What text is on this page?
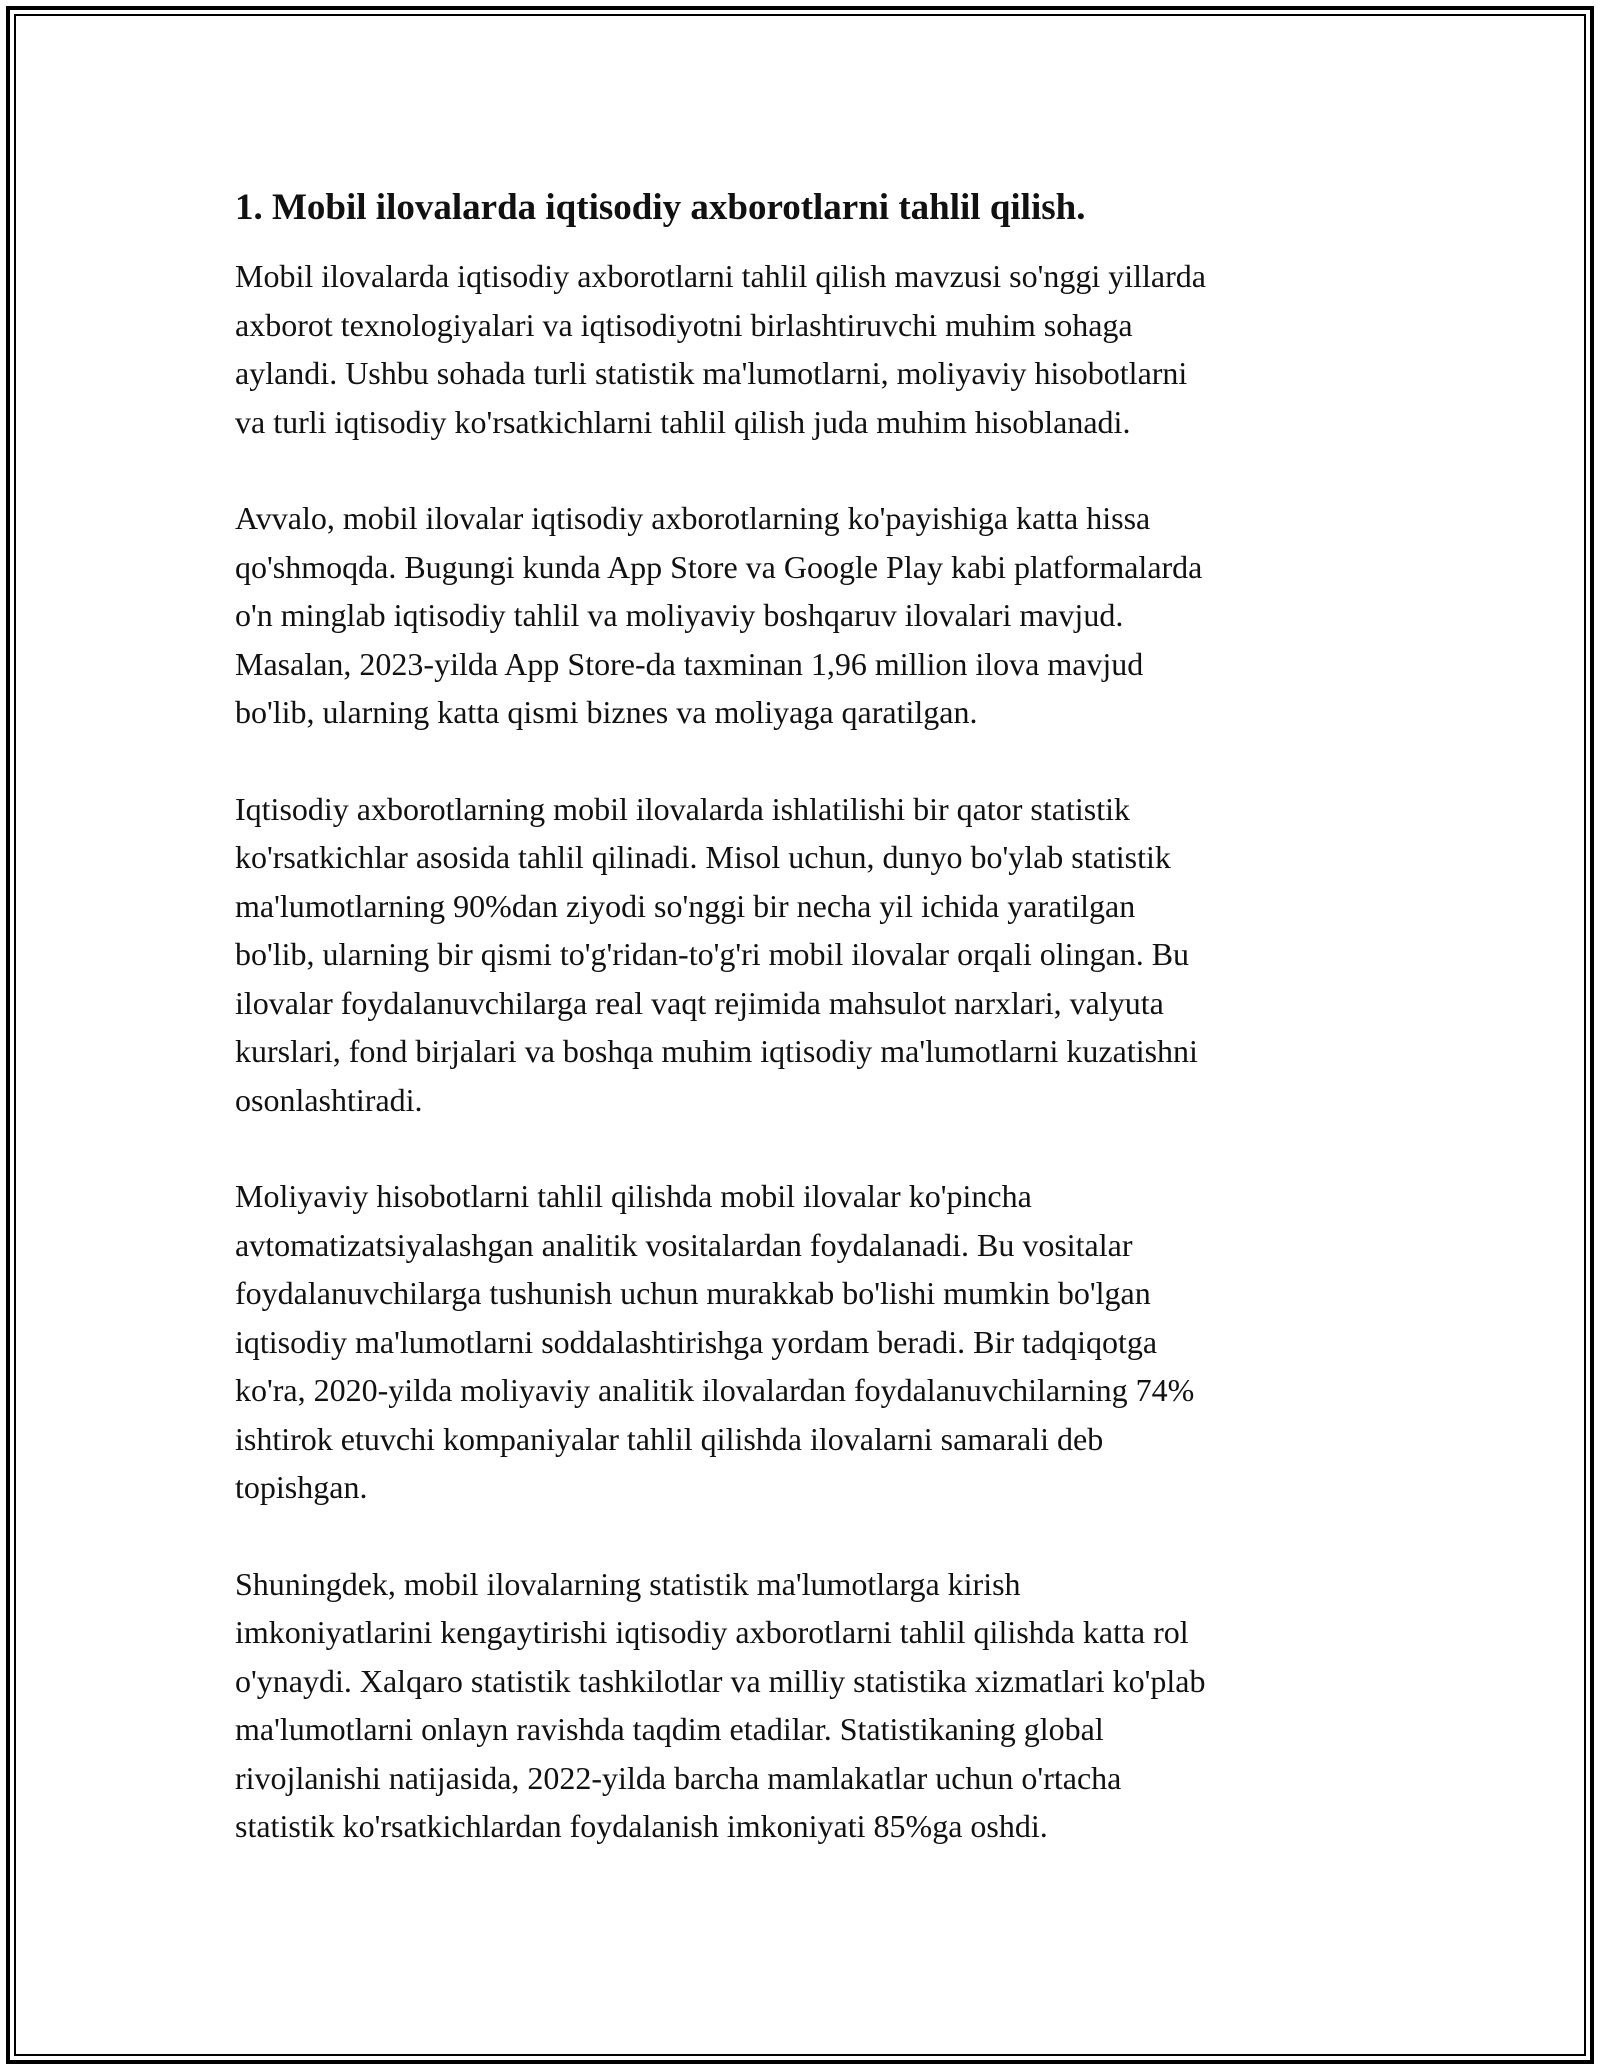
1. Mobil ilovalarda iqtisodiy axborotlarni tahlil qilish.

Mobil ilovalarda iqtisodiy axborotlarni tahlil qilish mavzusi so'nggi yillarda
axborot texnologiyalari va iqtisodiyotni birlashtiruvchi muhim sohaga
aylandi. Ushbu sohada turli statistik ma'lumotlarni, moliyaviy hisobotlarni
va turli iqtisodiy ko'rsatkichlarni tahlil qilish juda muhim hisoblanadi.

Avvalo, mobil ilovalar iqtisodiy axborotlarning ko'payishiga katta hissa
qo'shmoqda. Bugungi kunda App Store va Google Play kabi platformalarda
o'n minglab iqtisodiy tahlil va moliyaviy boshqaruv ilovalari mavjud.
Masalan, 2023-yilda App Store-da taxminan 1,96 million ilova mavjud
bo'lib, ularning katta qismi biznes va moliyaga qaratilgan.

Iqtisodiy axborotlarning mobil ilovalarda ishlatilishi bir qator statistik
ko'rsatkichlar asosida tahlil qilinadi. Misol uchun, dunyo bo'ylab statistik
ma'lumotlarning 90%dan ziyodi so'nggi bir necha yil ichida yaratilgan
bo'lib, ularning bir qismi to'g'ridan-to'g'ri mobil ilovalar orqali olingan. Bu
ilovalar foydalanuvchilarga real vaqt rejimida mahsulot narxlari, valyuta
kurslari, fond birjalari va boshqa muhim iqtisodiy ma'lumotlarni kuzatishni
osonlashtiradi.

Moliyaviy hisobotlarni tahlil qilishda mobil ilovalar ko'pincha
avtomatizatsiyalashgan analitik vositalardan foydalanadi. Bu vositalar
foydalanuvchilarga tushunish uchun murakkab bo'lishi mumkin bo'lgan
iqtisodiy ma'lumotlarni soddalashtirishga yordam beradi. Bir tadqiqotga
ko'ra, 2020-yilda moliyaviy analitik ilovalardan foydalanuvchilarning 74%
ishtirok etuvchi kompaniyalar tahlil qilishda ilovalarni samarali deb
topishgan.

Shuningdek, mobil ilovalarning statistik ma'lumotlarga kirish
imkoniyatlarini kengaytirishi iqtisodiy axborotlarni tahlil qilishda katta rol
o'ynaydi. Xalqaro statistik tashkilotlar va milliy statistika xizmatlari ko'plab
ma'lumotlarni onlayn ravishda taqdim etadilar. Statistikaning global
rivojlanishi natijasida, 2022-yilda barcha mamlakatlar uchun o'rtacha
statistik ko'rsatkichlardan foydalanish imkoniyati 85%ga oshdi.
